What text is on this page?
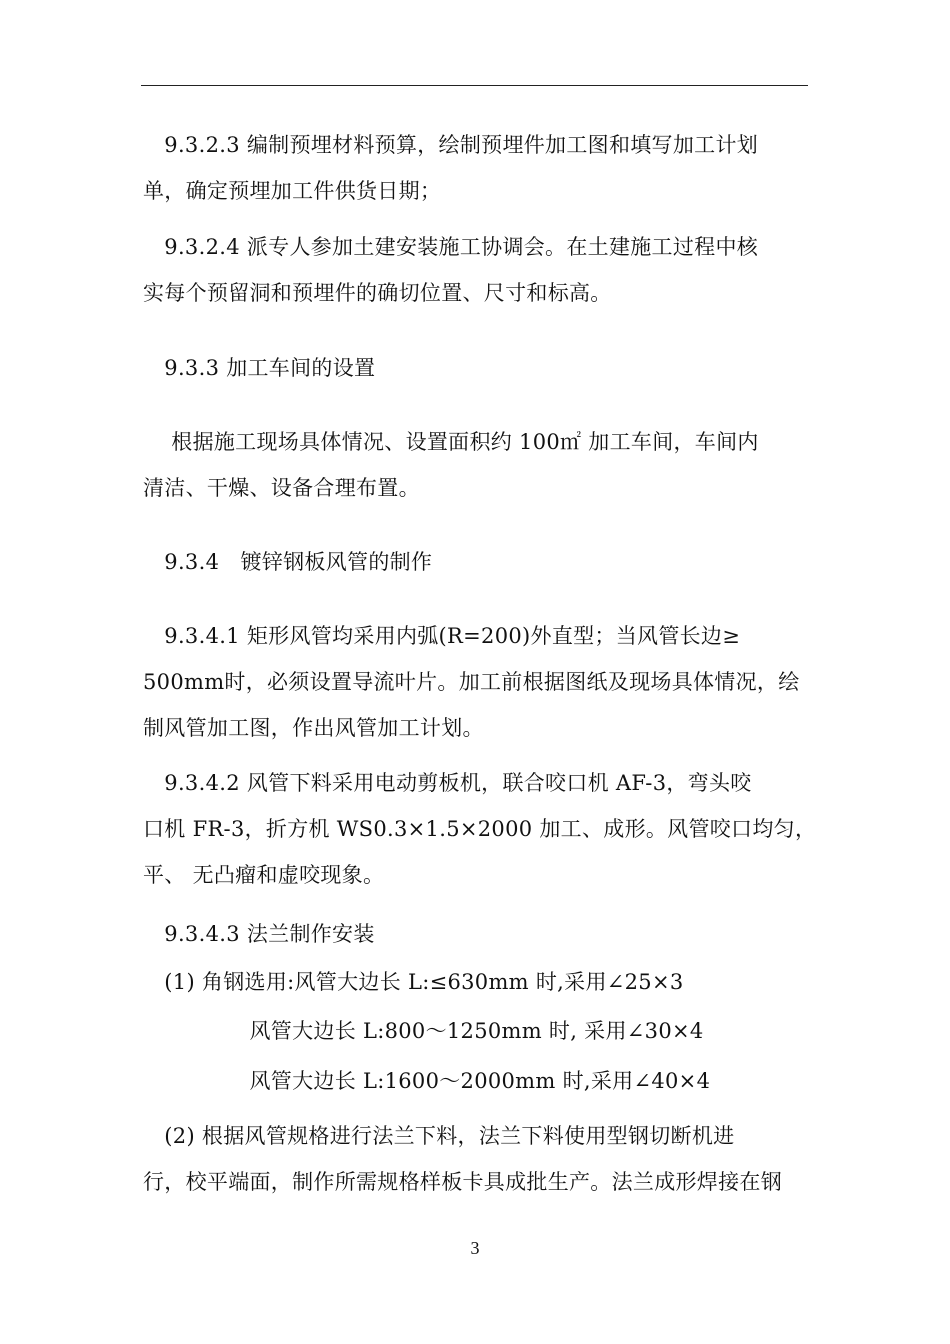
　9.3.2.3 编制预埋材料预算，绘制预埋件加工图和填写加工计划
单，确定预埋加工件供货日期；
　9.3.2.4 派专人参加土建安装施工协调会。在土建施工过程中核
实每个预留洞和预埋件的确切位置、尺寸和标高。
　9.3.3 加工车间的设置
　 根据施工现场具体情况、设置面积约 100㎡ 加工车间，车间内
清洁、干燥、设备合理布置。
　9.3.4　镀锌钢板风管的制作
　9.3.4.1 矩形风管均采用内弧(R=200)外直型；当风管长边≥
500mm时，必须设置导流叶片。加工前根据图纸及现场具体情况，绘
制风管加工图，作出风管加工计划。
　9.3.4.2 风管下料采用电动剪板机，联合咬口机 AF-3，弯头咬
口机 FR-3，折方机 WS0.3×1.5×2000 加工、成形。风管咬口均匀，
平、 无凸瘤和虚咬现象。
　9.3.4.3 法兰制作安装
　(1) 角钢选用:风管大边长 L:≤630mm 时,采用∠25×3
　　　　　风管大边长 L:800～1250mm 时, 采用∠30×4
　　　　　风管大边长 L:1600～2000mm 时,采用∠40×4
　(2) 根据风管规格进行法兰下料，法兰下料使用型钢切断机进
行，校平端面，制作所需规格样板卡具成批生产。法兰成形焊接在钢
3
